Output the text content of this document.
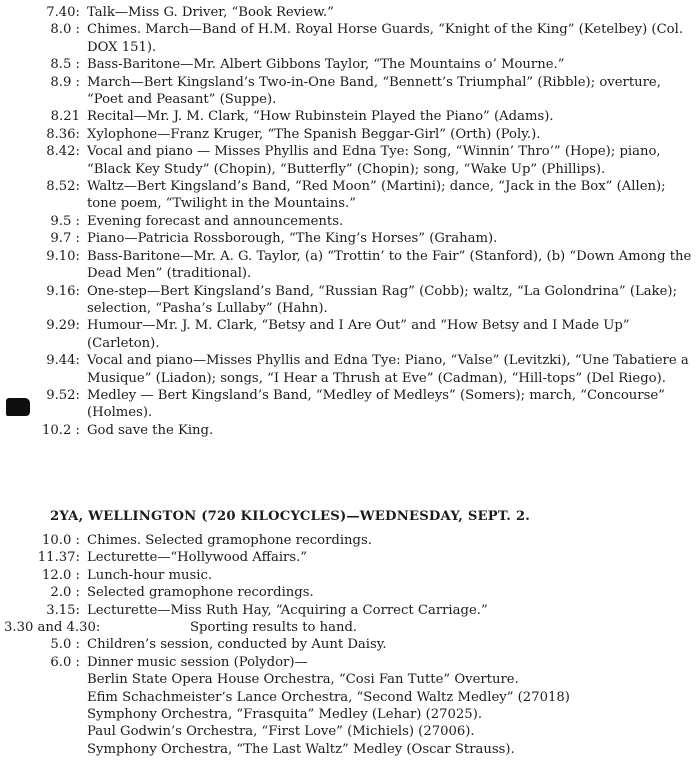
7.40: Talk—Miss G. Driver, “Book Review.”
8.0 : Chimes. March—Band of H.M. Royal Horse Guards, “Knight of the King” (Ketelbey) (Col. DOX 151).
8.5 : Bass-Baritone—Mr. Albert Gibbons Taylor, “The Mountains o’ Mourne.”
8.9 : March—Bert Kingsland’s Two-in-One Band, “Bennett’s Triumphal” (Ribble); overture, “Poet and Peasant” (Suppe).
8.21 Recital—Mr. J. M. Clark, “How Rubinstein Played the Piano” (Adams).
8.36: Xylophone—Franz Kruger, “The Spanish Beggar-Girl” (Orth) (Poly.).
8.42: Vocal and piano — Misses Phyllis and Edna Tye: Song, “Winnin’ Thro’” (Hope); piano, “Black Key Study” (Chopin), “Butterfly” (Chopin); song, “Wake Up” (Phillips).
8.52: Waltz—Bert Kingsland’s Band, “Red Moon” (Martini); dance, “Jack in the Box” (Allen); tone poem, “Twilight in the Mountains.”
9.5 : Evening forecast and announcements.
9.7 : Piano—Patricia Rossborough, “The King’s Horses” (Graham).
9.10: Bass-Baritone—Mr. A. G. Taylor, (a) “Trottin’ to the Fair” (Stanford), (b) “Down Among the Dead Men” (traditional).
9.16: One-step—Bert Kingsland’s Band, “Russian Rag” (Cobb); waltz, “La Golondrina” (Lake); selection, “Pasha’s Lullaby” (Hahn).
9.29: Humour—Mr. J. M. Clark, “Betsy and I Are Out” and “How Betsy and I Made Up” (Carleton).
9.44: Vocal and piano—Misses Phyllis and Edna Tye: Piano, “Valse” (Levitzki), “Une Tabatiere a Musique” (Liadon); songs, “I Hear a Thrush at Eve” (Cadman), “Hill-tops” (Del Riego).
9.52: Medley — Bert Kingsland’s Band, “Medley of Medleys” (Somers); march, “Concourse” (Holmes).
10.2 : God save the King.
2YA, WELLINGTON (720 KILOCYCLES)—WEDNESDAY, SEPT. 2.
10.0 : Chimes. Selected gramophone recordings.
11.37: Lecturette—“Hollywood Affairs.”
12.0 : Lunch-hour music.
2.0 : Selected gramophone recordings.
3.15: Lecturette—Miss Ruth Hay, “Acquiring a Correct Carriage.”
3.30 and 4.30:	Sporting results to hand.
5.0 : Children’s session, conducted by Aunt Daisy.
6.0 : Dinner music session (Polydor)—
Berlin State Opera House Orchestra, “Cosi Fan Tutte” Overture.
Efim Schachmeister’s Lance Orchestra, “Second Waltz Medley” (27018)
Symphony Orchestra, “Frasquita” Medley (Lehar) (27025).
Paul Godwin’s Orchestra, “First Love” (Michiels) (27006).
Symphony Orchestra, “The Last Waltz” Medley (Oscar Strauss).
